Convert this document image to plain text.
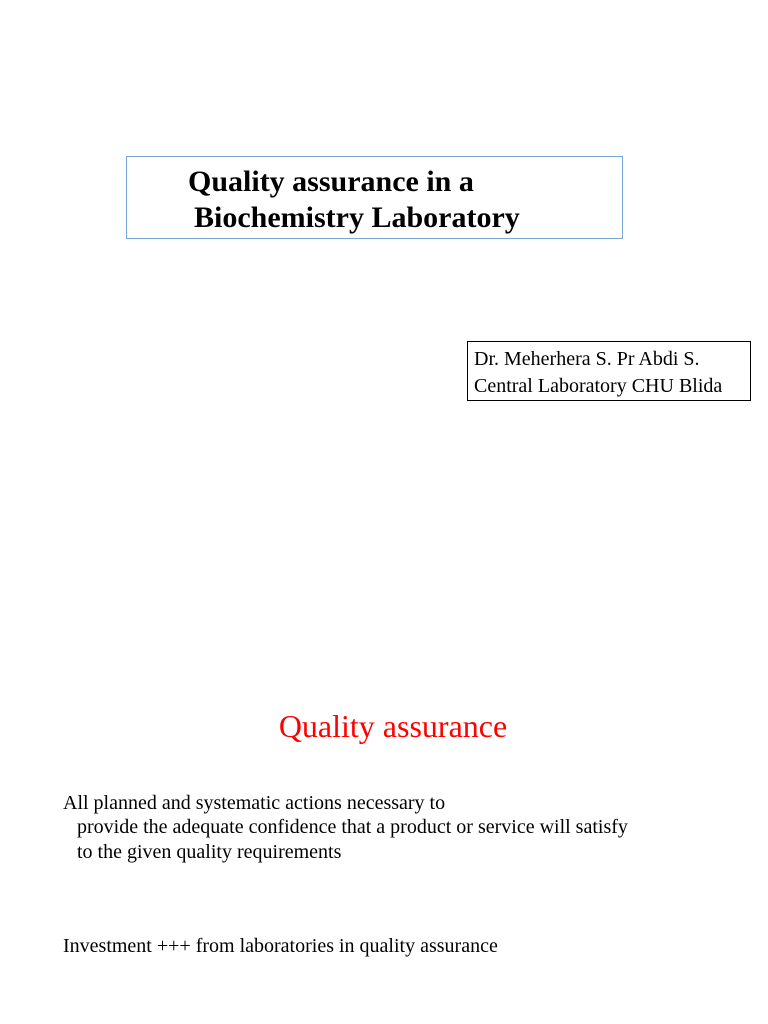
Quality assurance in a
Biochemistry Laboratory
Dr. Meherhera S. Pr Abdi S.
Central Laboratory CHU Blida
Quality assurance
All planned and systematic actions necessary to
provide the adequate confidence that a product or service will satisfy
to the given quality requirements
Investment +++ from laboratories in quality assurance
